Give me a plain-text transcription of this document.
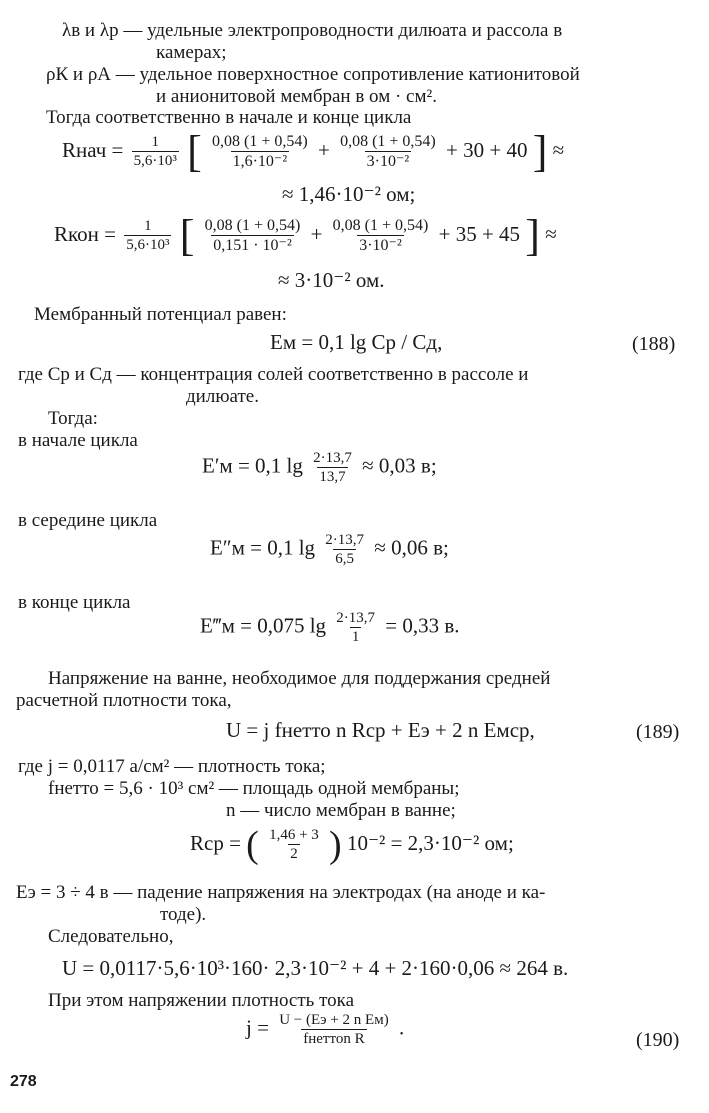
λв и λр — удельные электропроводности дилюата и рассола в
камерах;
ρК и ρА — удельное поверхностное сопротивление катионитовой
и анионитовой мембран в ом · см².
Тогда соответственно в начале и конце цикла
Rнач = $\frac{1}{\text{5,6·10³}}$ [ $\frac{0,08 (1 + 0,54)}{\text{1,6·10⁻²}} + \frac{0,08 (1 + 0,54)}{\text{3·10⁻²}} + 30 + 40$ ] ≈
≈ 1,46·10⁻² ом;
Rкон = $\frac{1}{\text{5,6·10³}}$ [ $\frac{0,08 (1 + 0,54)}{\text{0,151 · 10⁻²}} + \frac{0,08 (1 + 0,54)}{\text{3·10⁻²}} + 35 + 45$ ] ≈
≈ 3·10⁻² ом.
Мембранный потенциал равен:
Eм = 0,1 lg Cр / Cд,	(188)
где Cр и Cд — концентрация солей соответственно в рассоле и
дилюате.
Тогда:
в начале цикла
E′м = 0,1 $\lg \frac{2\cdot 13,7}{13,7} \approx 0,03$ в;
в середине цикла
E″м = 0,1 $\lg \frac{2\cdot 13,7}{6,5} \approx 0,06$ в;
в конце цикла
E‴м = 0,075 $\lg \frac{2\cdot 13,7}{1} = 0,33$ в.
Напряжение на ванне, необходимое для поддержания средней
расчетной плотности тока,
U = j fнетто n Rср + Eэ + 2 n Eмср,	(189)
где j = 0,0117 а/см² — плотность тока;
fнетто = 5,6 · 10³ см² — площадь одной мембраны;
n — число мембран в ванне;
Rср = ( $\frac{1,46 + 3}{2}$ ) 10⁻² = 2,3·10⁻² ом;
Eэ = 3 ÷ 4 в — падение напряжения на электродах (на аноде и ка-
тоде).
Следовательно,
U = 0,0117·5,6·10³·160· 2,3·10⁻² + 4 + 2·160·0,06 ≈ 264 в.
При этом напряжении плотность тока
$j = \frac{\text{U − (Eэ + 2 n Eм)}}{\text{fнеттоn R}}$ .
(190)
278
